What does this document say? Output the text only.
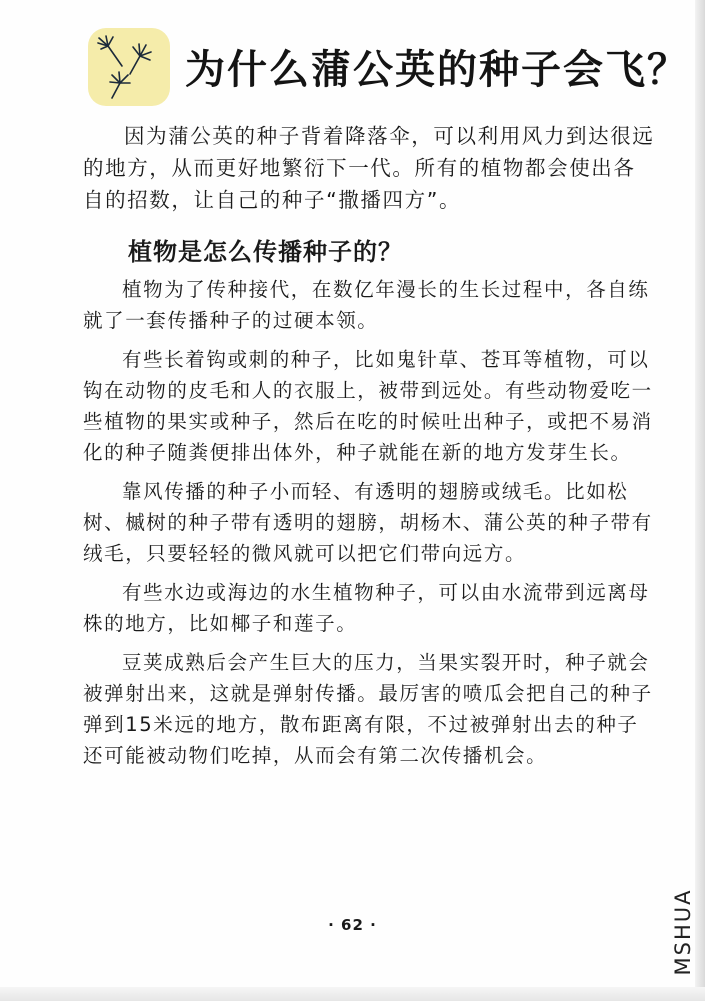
为什么蒲公英的种子会飞？

因为蒲公英的种子背着降落伞，可以利用风力到达很远的地方，从而更好地繁衍下一代。所有的植物都会使出各自的招数，让自己的种子“撒播四方”。

植物是怎么传播种子的？

植物为了传种接代，在数亿年漫长的生长过程中，各自练就了一套传播种子的过硬本领。

有些长着钩或刺的种子，比如鬼针草、苍耳等植物，可以钩在动物的皮毛和人的衣服上，被带到远处。有些动物爱吃一些植物的果实或种子，然后在吃的时候吐出种子，或把不易消化的种子随粪便排出体外，种子就能在新的地方发芽生长。

靠风传播的种子小而轻、有透明的翅膀或绒毛。比如松树、槭树的种子带有透明的翅膀，胡杨木、蒲公英的种子带有绒毛，只要轻轻的微风就可以把它们带向远方。

有些水边或海边的水生植物种子，可以由水流带到远离母株的地方，比如椰子和莲子。

豆荚成熟后会产生巨大的压力，当果实裂开时，种子就会被弹射出来，这就是弹射传播。最厉害的喷瓜会把自己的种子弹到15米远的地方，散布距离有限，不过被弹射出去的种子还可能被动物们吃掉，从而会有第二次传播机会。

· 62 ·	MSHUA
